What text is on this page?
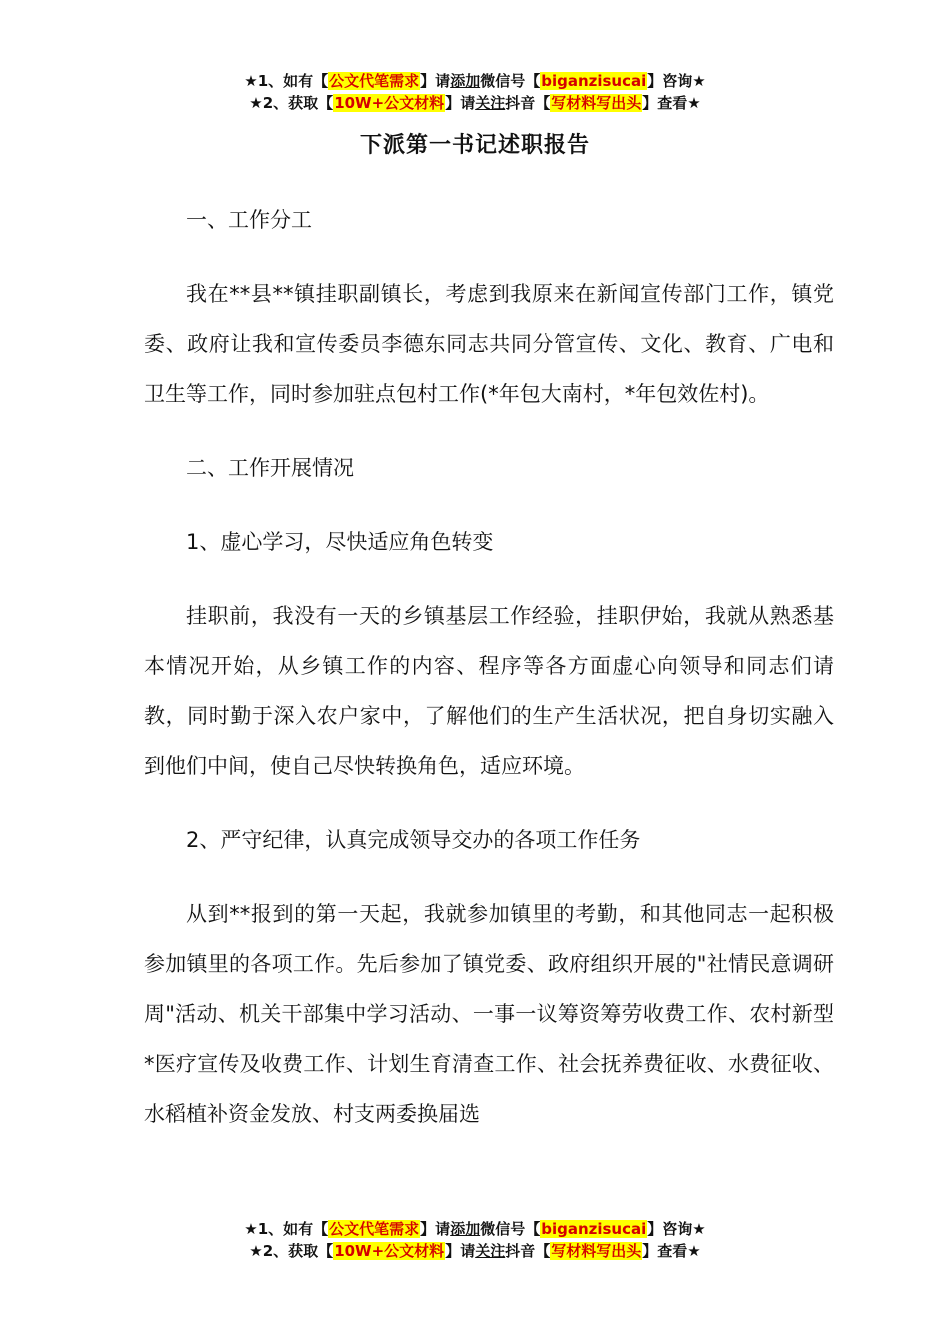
★1、如有【公文代笔需求】请添加微信号【biganzisucai】咨询★
★2、获取【10W+公文材料】请关注抖音【写材料写出头】查看★
下派第一书记述职报告

一、工作分工

我在**县**镇挂职副镇长，考虑到我原来在新闻宣传部门工作，镇党委、政府让我和宣传委员李德东同志共同分管宣传、文化、教育、广电和卫生等工作，同时参加驻点包村工作(*年包大南村，*年包效佐村)。

二、工作开展情况

1、虚心学习，尽快适应角色转变

挂职前，我没有一天的乡镇基层工作经验，挂职伊始，我就从熟悉基本情况开始，从乡镇工作的内容、程序等各方面虚心向领导和同志们请教，同时勤于深入农户家中，了解他们的生产生活状况，把自身切实融入到他们中间，使自己尽快转换角色，适应环境。

2、严守纪律，认真完成领导交办的各项工作任务

从到**报到的第一天起，我就参加镇里的考勤，和其他同志一起积极参加镇里的各项工作。先后参加了镇党委、政府组织开展的"社情民意调研周"活动、机关干部集中学习活动、一事一议筹资筹劳收费工作、农村新型*医疗宣传及收费工作、计划生育清查工作、社会抚养费征收、水费征收、水稻植补资金发放、村支两委换届选

★1、如有【公文代笔需求】请添加微信号【biganzisucai】咨询★
★2、获取【10W+公文材料】请关注抖音【写材料写出头】查看★
